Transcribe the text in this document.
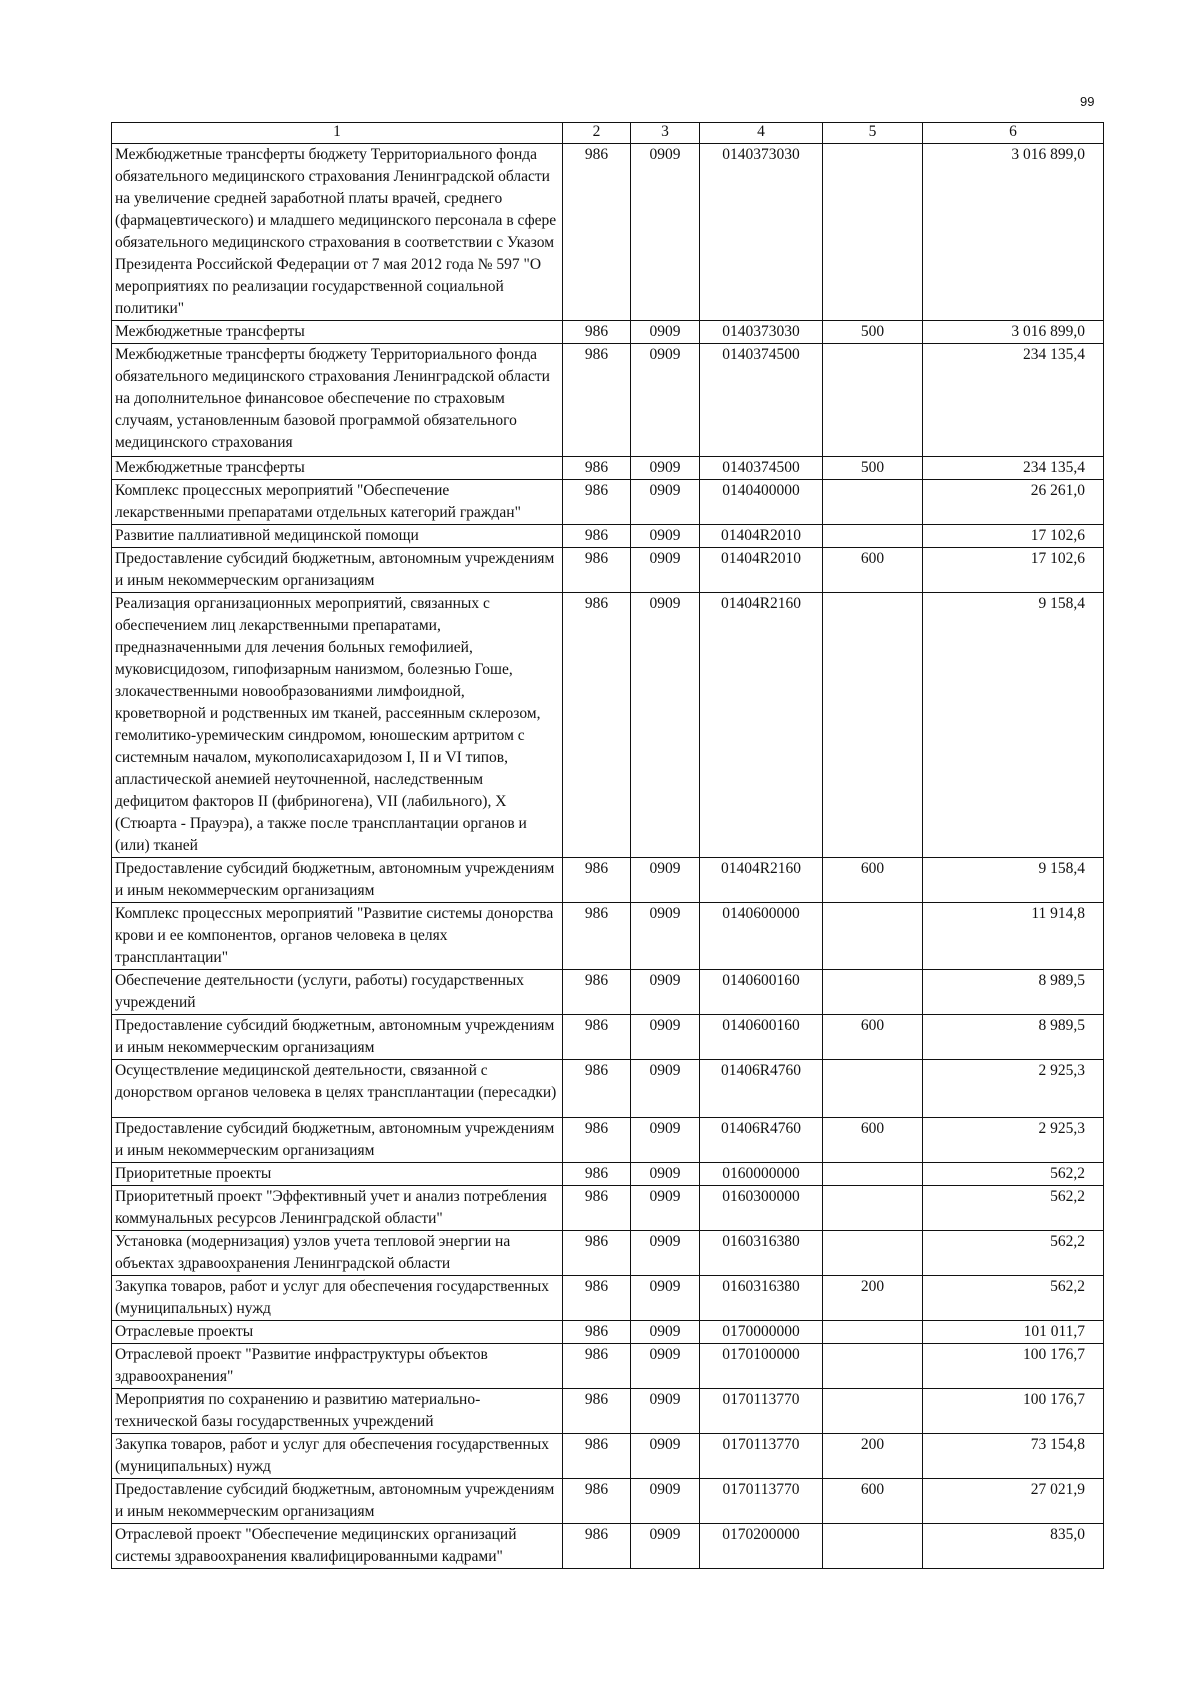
99
1	2	3	4	5	6
Межбюджетные трансферты бюджету Территориального фонда обязательного медицинского страхования Ленинградской области на увеличение средней заработной платы врачей, среднего (фармацевтического) и младшего медицинского персонала в сфере обязательного медицинского страхования в соответствии с Указом Президента Российской Федерации от 7 мая 2012 года № 597 "О мероприятиях по реализации государственной социальной политики"	986	0909	0140373030		3 016 899,0
Межбюджетные трансферты	986	0909	0140373030	500	3 016 899,0
Межбюджетные трансферты бюджету Территориального фонда обязательного медицинского страхования Ленинградской области на дополнительное финансовое обеспечение по страховым случаям, установленным базовой программой обязательного медицинского страхования	986	0909	0140374500		234 135,4
Межбюджетные трансферты	986	0909	0140374500	500	234 135,4
Комплекс процессных мероприятий "Обеспечение лекарственными препаратами отдельных категорий граждан"	986	0909	0140400000		26 261,0
Развитие паллиативной медицинской помощи	986	0909	01404R2010		17 102,6
Предоставление субсидий бюджетным, автономным учреждениям и иным некоммерческим организациям	986	0909	01404R2010	600	17 102,6
Реализация организационных мероприятий, связанных с обеспечением лиц лекарственными препаратами, предназначенными для лечения больных гемофилией, муковисцидозом, гипофизарным нанизмом, болезнью Гоше, злокачественными новообразованиями лимфоидной, кроветворной и родственных им тканей, рассеянным склерозом, гемолитико-уремическим синдромом, юношеским артритом с системным началом, мукополисахаридозом I, II и VI типов, апластической анемией неуточненной, наследственным дефицитом факторов II (фибриногена), VII (лабильного), X (Стюарта - Прауэра), а также после трансплантации органов и (или) тканей	986	0909	01404R2160		9 158,4
Предоставление субсидий бюджетным, автономным учреждениям и иным некоммерческим организациям	986	0909	01404R2160	600	9 158,4
Комплекс процессных мероприятий "Развитие системы донорства крови и ее компонентов, органов человека в целях трансплантации"	986	0909	0140600000		11 914,8
Обеспечение деятельности (услуги, работы) государственных учреждений	986	0909	0140600160		8 989,5
Предоставление субсидий бюджетным, автономным учреждениям и иным некоммерческим организациям	986	0909	0140600160	600	8 989,5
Осуществление медицинской деятельности, связанной с донорством органов человека в целях трансплантации (пересадки)	986	0909	01406R4760		2 925,3
Предоставление субсидий бюджетным, автономным учреждениям и иным некоммерческим организациям	986	0909	01406R4760	600	2 925,3
Приоритетные проекты	986	0909	0160000000		562,2
Приоритетный проект "Эффективный учет и анализ потребления коммунальных ресурсов Ленинградской области"	986	0909	0160300000		562,2
Установка (модернизация) узлов учета тепловой энергии на объектах здравоохранения Ленинградской области	986	0909	0160316380		562,2
Закупка товаров, работ и услуг для обеспечения государственных (муниципальных) нужд	986	0909	0160316380	200	562,2
Отраслевые проекты	986	0909	0170000000		101 011,7
Отраслевой проект "Развитие инфраструктуры объектов здравоохранения"	986	0909	0170100000		100 176,7
Мероприятия по сохранению и развитию материально-технической базы государственных учреждений	986	0909	0170113770		100 176,7
Закупка товаров, работ и услуг для обеспечения государственных (муниципальных) нужд	986	0909	0170113770	200	73 154,8
Предоставление субсидий бюджетным, автономным учреждениям и иным некоммерческим организациям	986	0909	0170113770	600	27 021,9
Отраслевой проект "Обеспечение медицинских организаций системы здравоохранения квалифицированными кадрами"	986	0909	0170200000		835,0
